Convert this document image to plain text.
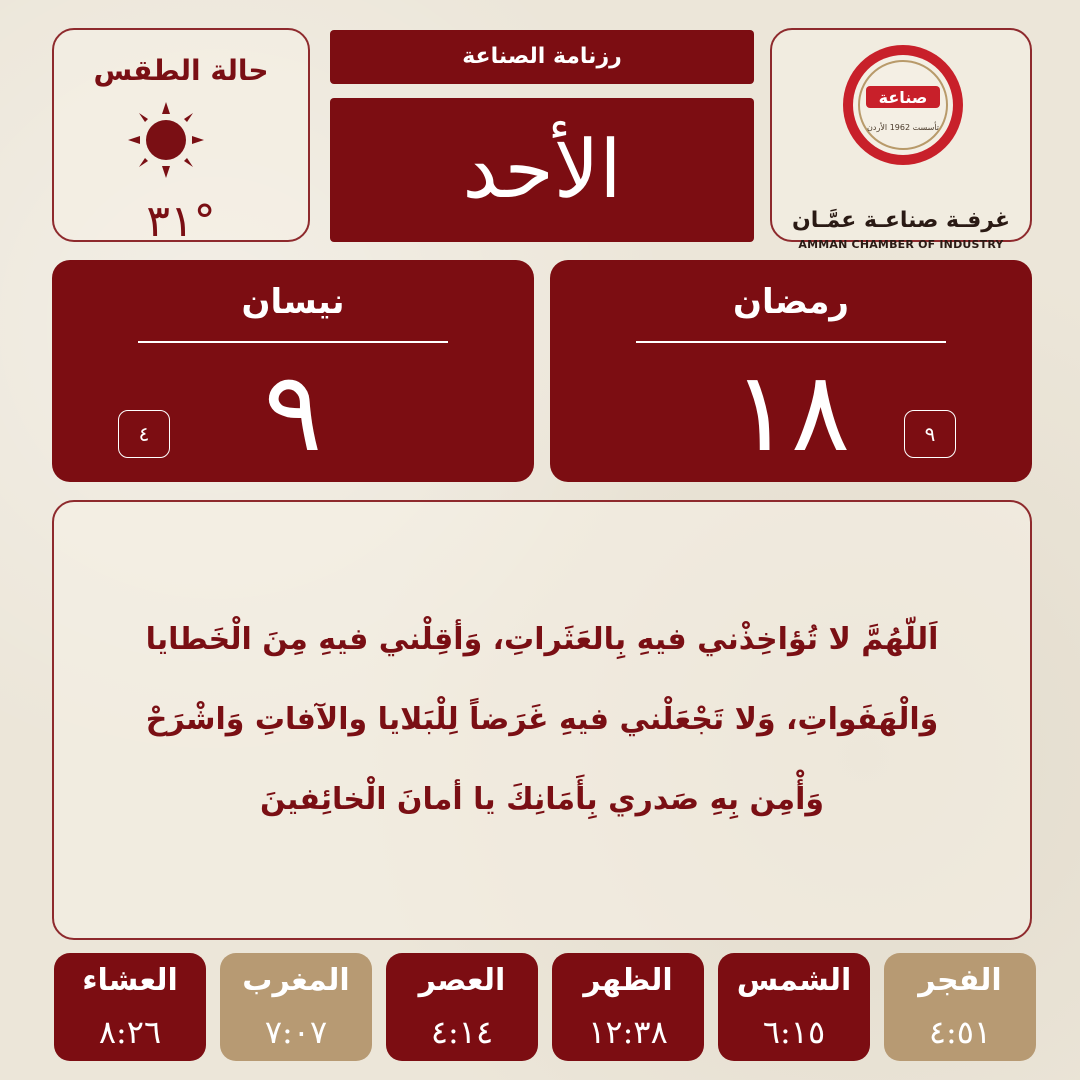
حالة الطقس
٣١°
رزنامة الصناعة
الأحد
صناعة
تأسست 1962 الأردن
غرفـة صناعـة عمَّـان
AMMAN CHAMBER OF INDUSTRY
رمضان
١٨	٩
نيسان
٩
٤
اَللّهُمَّ لا تُؤاخِذْني فيهِ بِالعَثَراتِ، وَأقِلْني فيهِ مِنَ الْخَطايا وَالْهَفَواتِ، وَلا تَجْعَلْني فيهِ غَرَضاً لِلْبَلايا والآفاتِ وَاشْرَحْ وَأْمِن بِهِ صَدري بِأَمَانِكَ يا أمانَ الْخائِفينَ
الفجر
٤:٥١
الشمس
٦:١٥
الظهر
١٢:٣٨
العصر
٤:١٤
المغرب
٧:٠٧
العشاء
٨:٢٦
